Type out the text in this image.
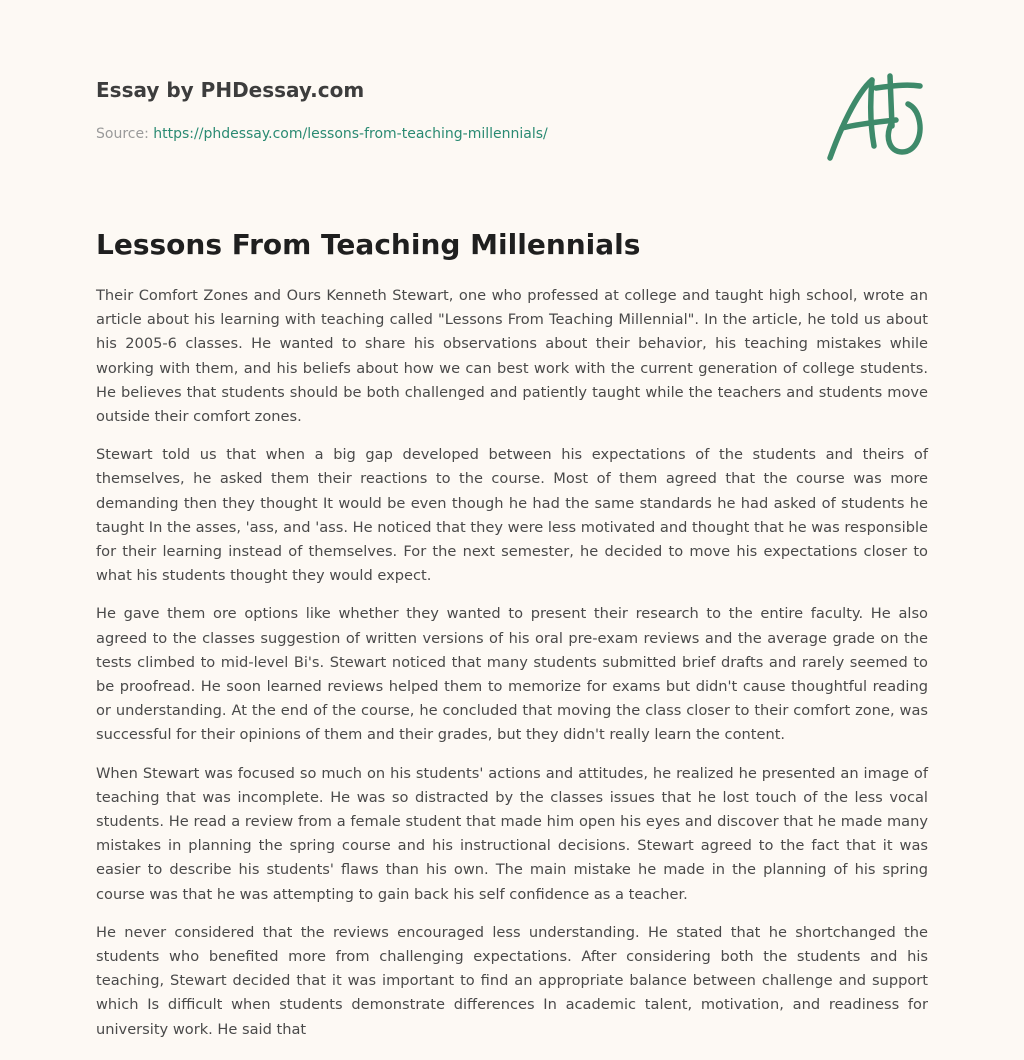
Essay by PHDessay.com
Source: https://phdessay.com/lessons-from-teaching-millennials/
Lessons From Teaching Millennials

Their Comfort Zones and Ours Kenneth Stewart, one who professed at college and taught high school, wrote an article about his learning with teaching called "Lessons From Teaching Millennial". In the article, he told us about his 2005-6 classes. He wanted to share his observations about their behavior, his teaching mistakes while working with them, and his beliefs about how we can best work with the current generation of college students. He believes that students should be both challenged and patiently taught while the teachers and students move outside their comfort zones.

Stewart told us that when a big gap developed between his expectations of the students and theirs of themselves, he asked them their reactions to the course. Most of them agreed that the course was more demanding then they thought It would be even though he had the same standards he had asked of students he taught In the asses, 'ass, and 'ass. He noticed that they were less motivated and thought that he was responsible for their learning instead of themselves. For the next semester, he decided to move his expectations closer to what his students thought they would expect.

He gave them ore options like whether they wanted to present their research to the entire faculty. He also agreed to the classes suggestion of written versions of his oral pre-exam reviews and the average grade on the tests climbed to mid-level Bi's. Stewart noticed that many students submitted brief drafts and rarely seemed to be proofread. He soon learned reviews helped them to memorize for exams but didn't cause thoughtful reading or understanding. At the end of the course, he concluded that moving the class closer to their comfort zone, was successful for their opinions of them and their grades, but they didn't really learn the content.

When Stewart was focused so much on his students' actions and attitudes, he realized he presented an image of teaching that was incomplete. He was so distracted by the classes issues that he lost touch of the less vocal students. He read a review from a female student that made him open his eyes and discover that he made many mistakes in planning the spring course and his instructional decisions. Stewart agreed to the fact that it was easier to describe his students' flaws than his own. The main mistake he made in the planning of his spring course was that he was attempting to gain back his self confidence as a teacher.

He never considered that the reviews encouraged less understanding. He stated that he shortchanged the students who benefited more from challenging expectations. After considering both the students and his teaching, Stewart decided that it was important to find an appropriate balance between challenge and support which Is difficult when students demonstrate differences In academic talent, motivation, and readiness for university work. He said that
